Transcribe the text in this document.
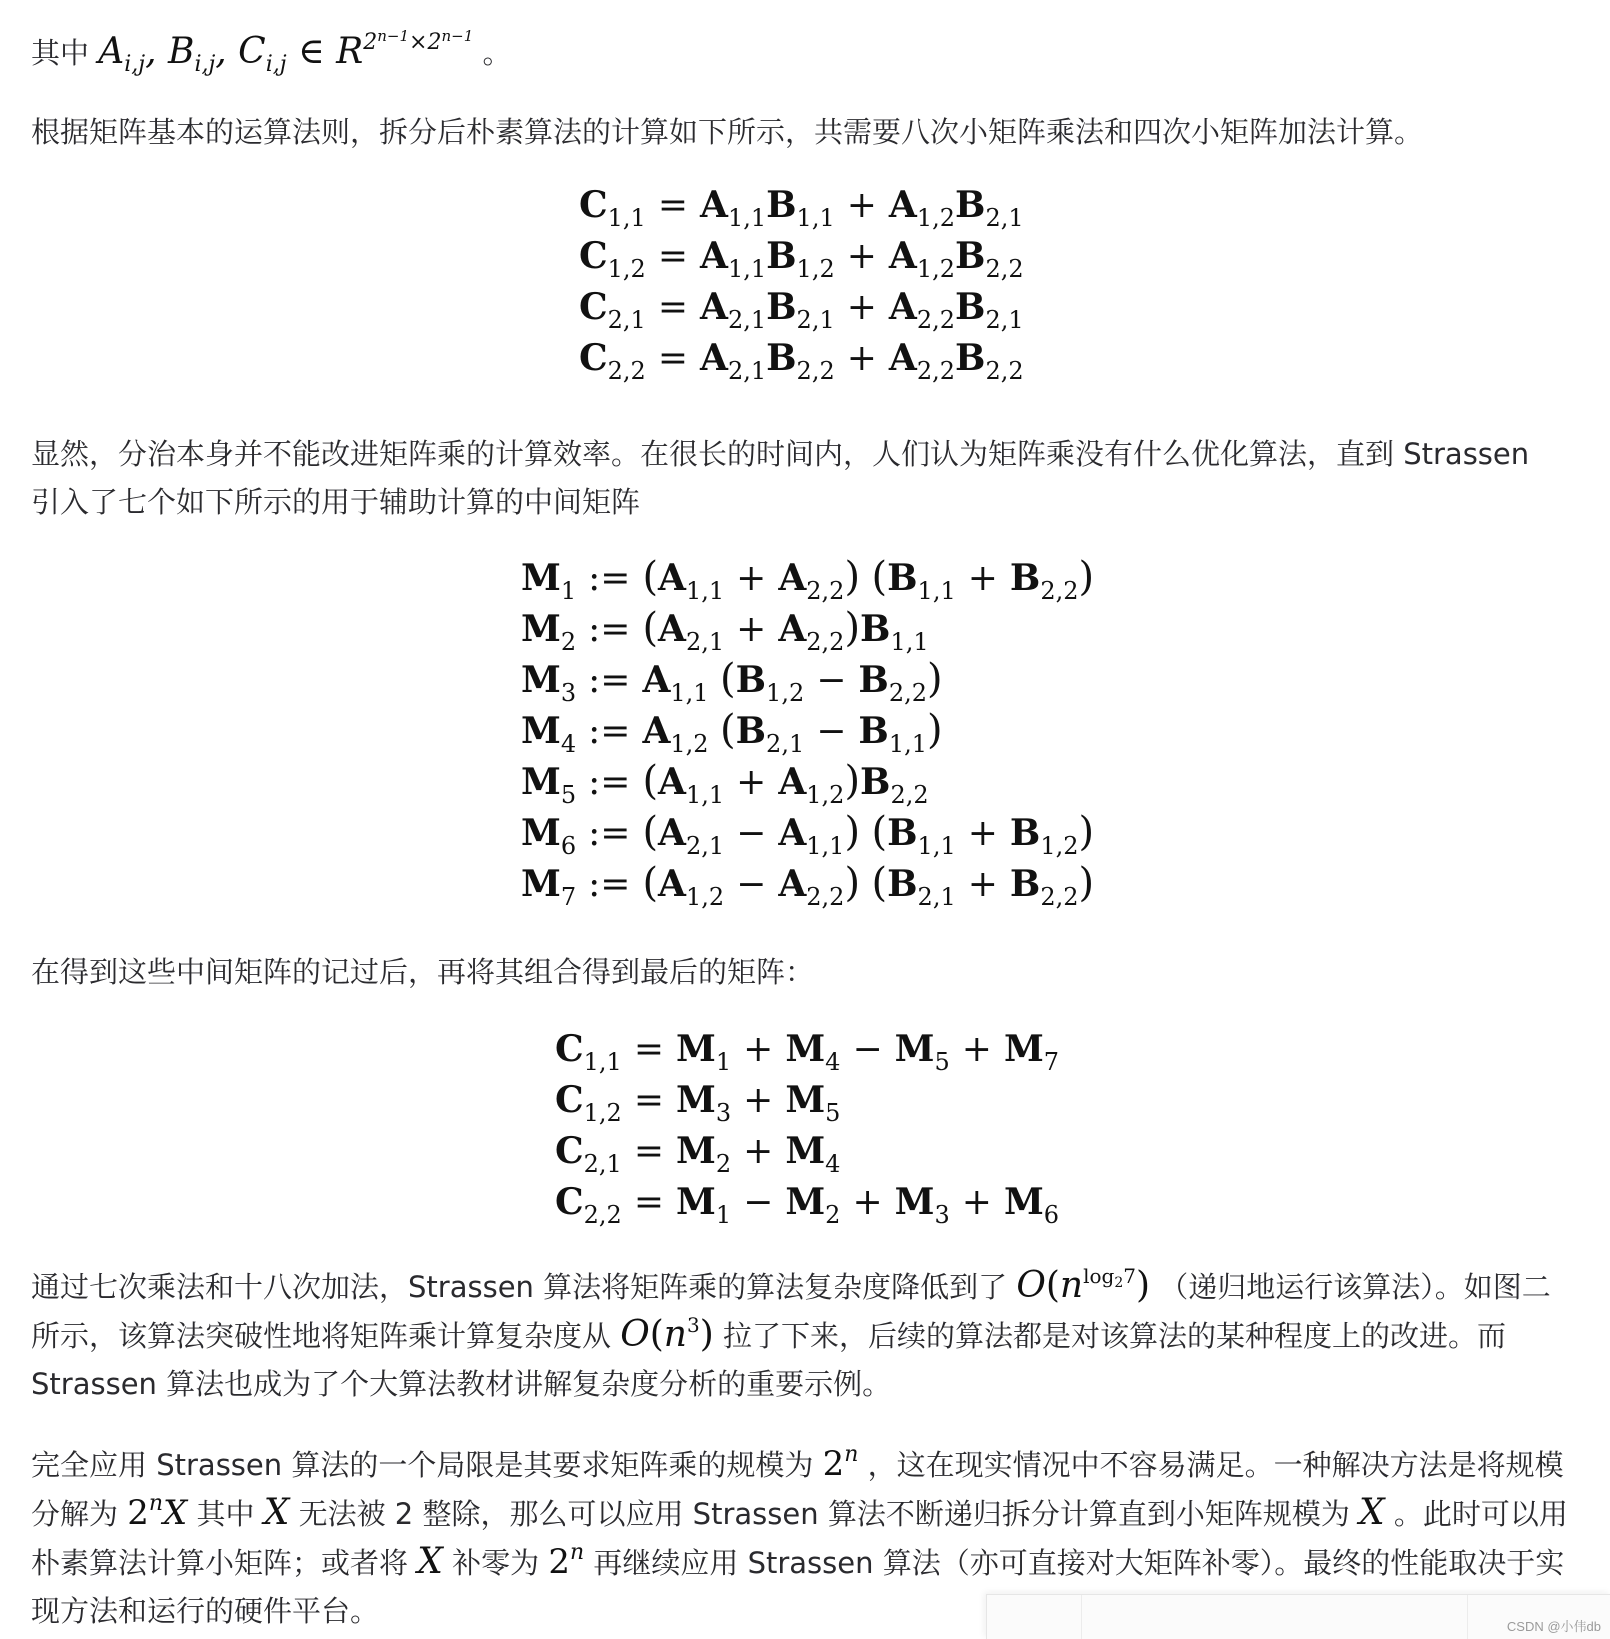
其中 $A_{i,j}$, $B_{i,j}$, $C_{i,j}$ ∈ $R^{2^{n-1}\times 2^{n-1}}$ 。
根据矩阵基本的运算法则，拆分后朴素算法的计算如下所示，共需要八次小矩阵乘法和四次小矩阵加法计算。
$C_{1,1} = A_{1,1}B_{1,1} + A_{1,2}B_{2,1}$
$C_{1,2} = A_{1,1}B_{1,2} + A_{1,2}B_{2,2}$
$C_{2,1} = A_{2,1}B_{2,1} + A_{2,2}B_{2,1}$
$C_{2,2} = A_{2,1}B_{2,2} + A_{2,2}B_{2,2}$
显然，分治本身并不能改进矩阵乘的计算效率。在很长的时间内，人们认为矩阵乘没有什么优化算法，直到 Strassen 引入了七个如下所示的用于辅助计算的中间矩阵
$M_1$ := $(A_{1,1} + A_{2,2}) (B_{1,1} + B_{2,2})$
$M_2$ := $(A_{2,1} + A_{2,2})B_{1,1}$
$M_3$ := $A_{1,1}$ $(B_{1,2} - B_{2,2})$
$M_4$ := $A_{1,2}$ $(B_{2,1} - B_{1,1})$
$M_5$ := $(A_{1,1} + A_{1,2})B_{2,2}$
$M_6$ := $(A_{2,1} - A_{1,1}) (B_{1,1} + B_{1,2})$
$M_7$ := $(A_{1,2} - A_{2,2}) (B_{2,1} + B_{2,2})$
在得到这些中间矩阵的记过后，再将其组合得到最后的矩阵：
$C_{1,1} = M_1 + M_4 - M_5 + M_7$
$C_{1,2} = M_3 + M_5$
$C_{2,1} = M_2 + M_4$
$C_{2,2} = M_1 - M_2 + M_3 + M_6$
通过七次乘法和十八次加法，Strassen 算法将矩阵乘的算法复杂度降低到了 $O(n^{log_27})$ （递归地运行该算法）。如图二所示，该算法突破性地将矩阵乘计算复杂度从 $O(n^3)$ 拉了下来，后续的算法都是对该算法的某种程度上的改进。而 Strassen 算法也成为了个大算法教材讲解复杂度分析的重要示例。
完全应用 Strassen 算法的一个局限是其要求矩阵乘的规模为 2$^n$ ，这在现实情况中不容易满足。一种解决方法是将规模分解为 2$^n$X 其中 X 无法被 2 整除，那么可以应用 Strassen 算法不断递归拆分计算直到小矩阵规模为 X 。此时可以用朴素算法计算小矩阵；或者将 X 补零为 2$^n$ 再继续应用 Strassen 算法（亦可直接对大矩阵补零）。最终的性能取决于实现方法和运行的硬件平台。	CSDN @小伟db
